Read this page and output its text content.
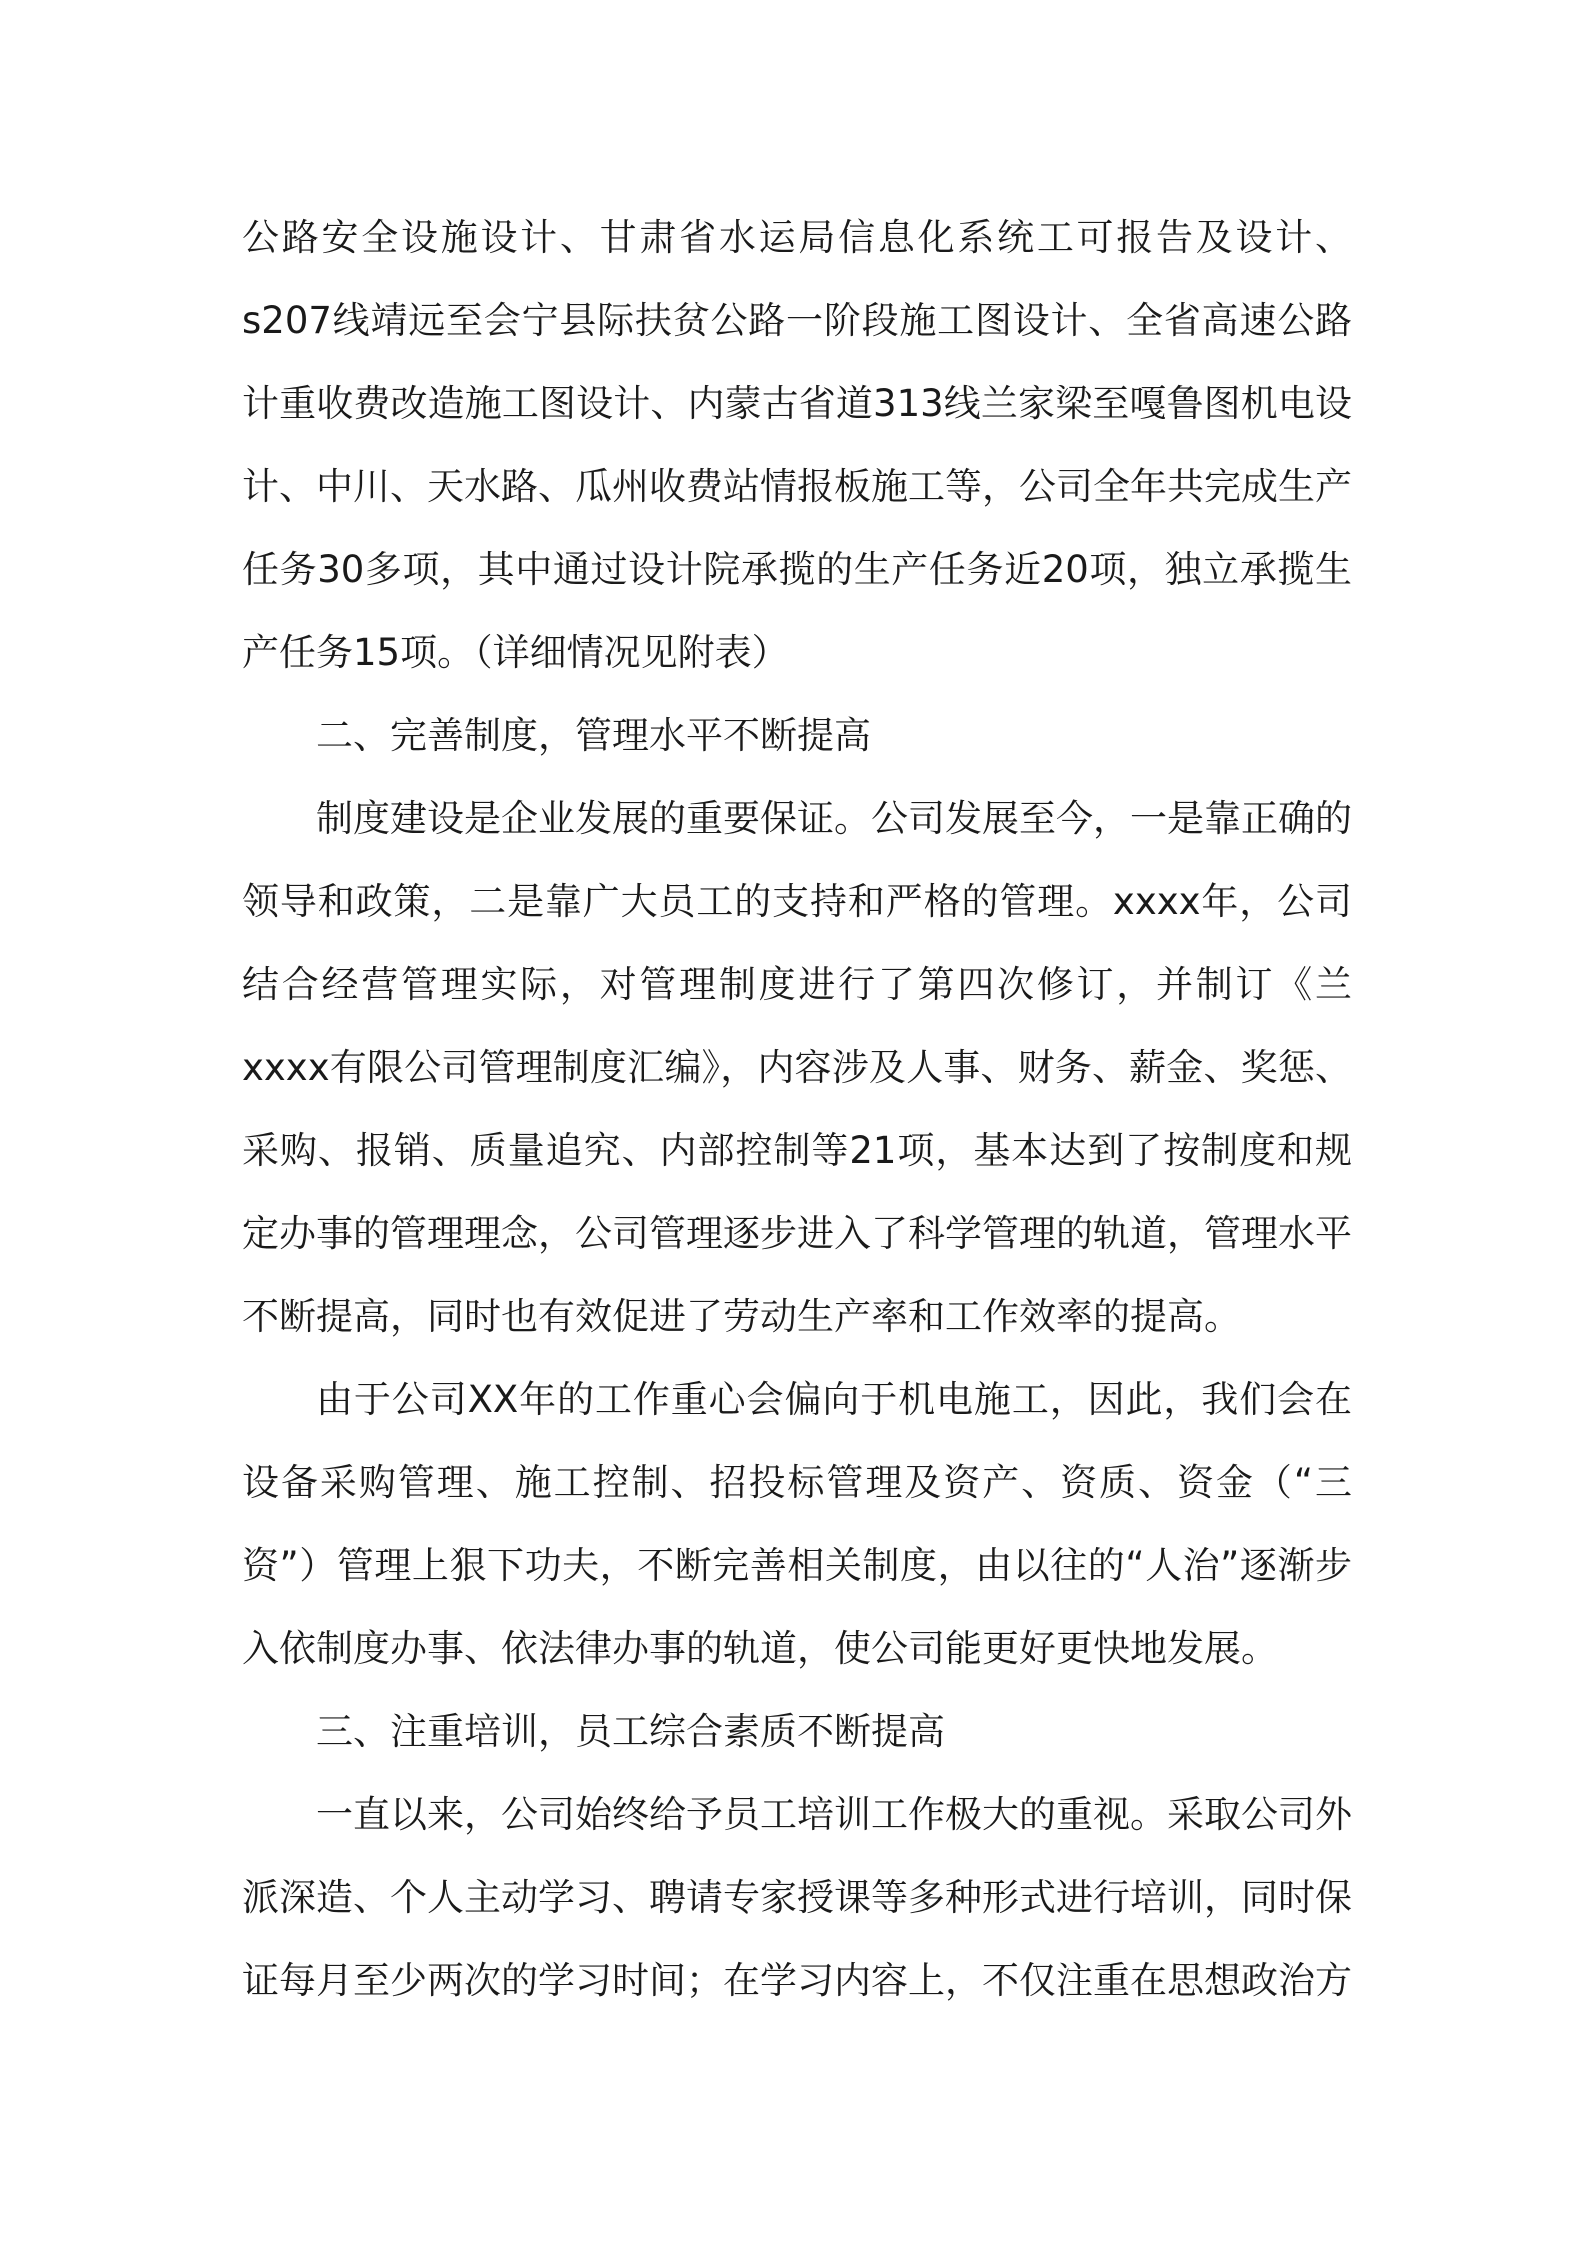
公路安全设施设计、甘肃省水运局信息化系统工可报告及设计、s207线靖远至会宁县际扶贫公路一阶段施工图设计、全省高速公路计重收费改造施工图设计、内蒙古省道313线兰家梁至嘎鲁图机电设计、中川、天水路、瓜州收费站情报板施工等，公司全年共完成生产任务30多项，其中通过设计院承揽的生产任务近20项，独立承揽生产任务15项。（详细情况见附表）

二、完善制度，管理水平不断提高

制度建设是企业发展的重要保证。公司发展至今，一是靠正确的领导和政策，二是靠广大员工的支持和严格的管理。xxxx年，公司结合经营管理实际，对管理制度进行了第四次修订，并制订《兰xxxx有限公司管理制度汇编》，内容涉及人事、财务、薪金、奖惩、采购、报销、质量追究、内部控制等21项，基本达到了按制度和规定办事的管理理念，公司管理逐步进入了科学管理的轨道，管理水平不断提高，同时也有效促进了劳动生产率和工作效率的提高。

由于公司XX年的工作重心会偏向于机电施工，因此，我们会在设备采购管理、施工控制、招投标管理及资产、资质、资金（“三资”）管理上狠下功夫，不断完善相关制度，由以往的“人治”逐渐步入依制度办事、依法律办事的轨道，使公司能更好更快地发展。

三、注重培训，员工综合素质不断提高

一直以来，公司始终给予员工培训工作极大的重视。采取公司外派深造、个人主动学习、聘请专家授课等多种形式进行培训，同时保证每月至少两次的学习时间；在学习内容上，不仅注重在思想政治方
